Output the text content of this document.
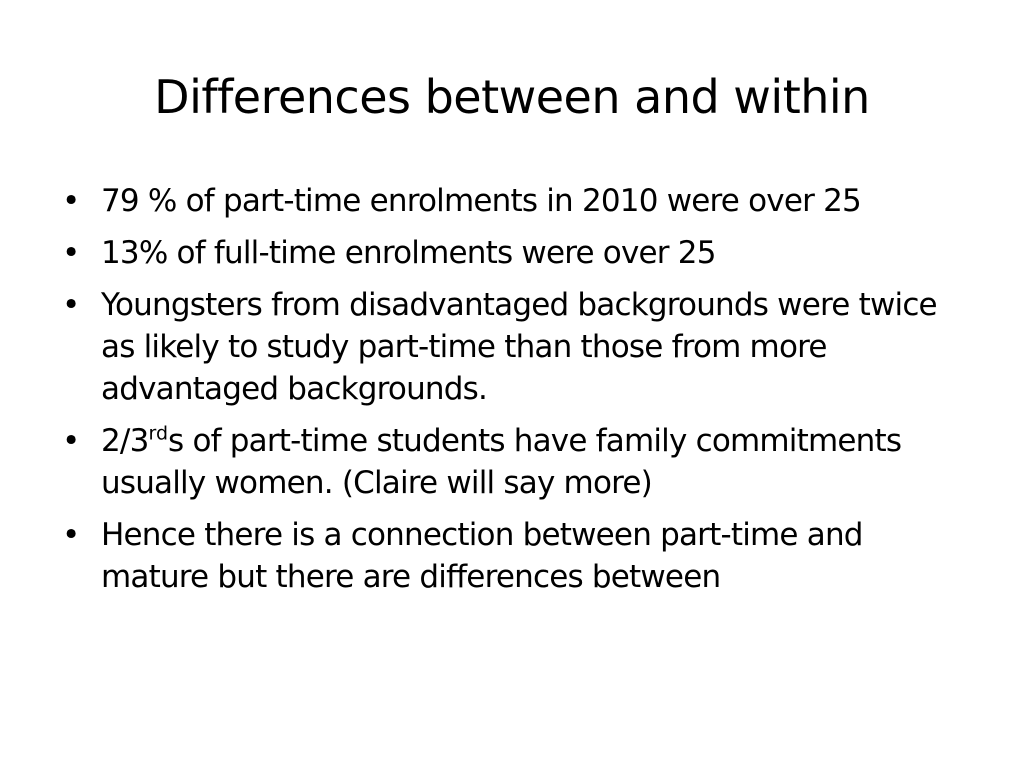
Differences between and within
• 79 % of part-time enrolments in 2010 were over 25
• 13% of full-time enrolments were over 25
• Youngsters from disadvantaged backgrounds were twice as likely to study part-time than those from more advantaged backgrounds.
• 2/3rds of part-time students have family commitments usually women. (Claire will say more)
• Hence there is a connection between part-time and mature but there are differences between
